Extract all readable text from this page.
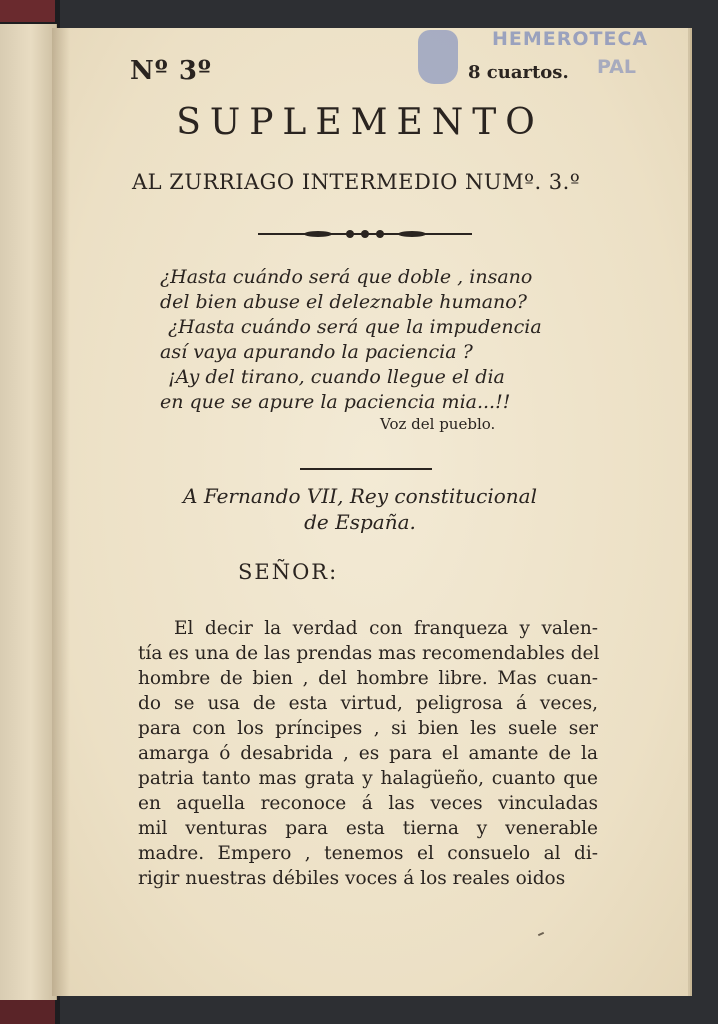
Nº 3º
HEMEROTECA
PAL
8 cuartos.
SUPLEMENTO
AL ZURRIAGO INTERMEDIO NUMº. 3.º
¿Hasta cuándo será que doble , insano
del bien abuse el deleznable humano?
¿Hasta cuándo será que la impudencia
así vaya apurando la paciencia ?
¡Ay del tirano, cuando llegue el dia
en que se apure la paciencia mia...!!
Voz del pueblo.
A Fernando VII, Rey constitucional
de España.
SEÑOR:
El decir la verdad con franqueza y valen-
tía es una de las prendas mas recomendables del
hombre de bien , del hombre libre. Mas cuan-
do se usa de esta virtud, peligrosa á veces,
para con los príncipes , si bien les suele ser
amarga ó desabrida , es para el amante de la
patria tanto mas grata y halagüeño, cuanto que
en aquella reconoce á las veces vinculadas
mil venturas para esta tierna y venerable
madre. Empero , tenemos el consuelo al di-
rigir nuestras débiles voces á los reales oidos
